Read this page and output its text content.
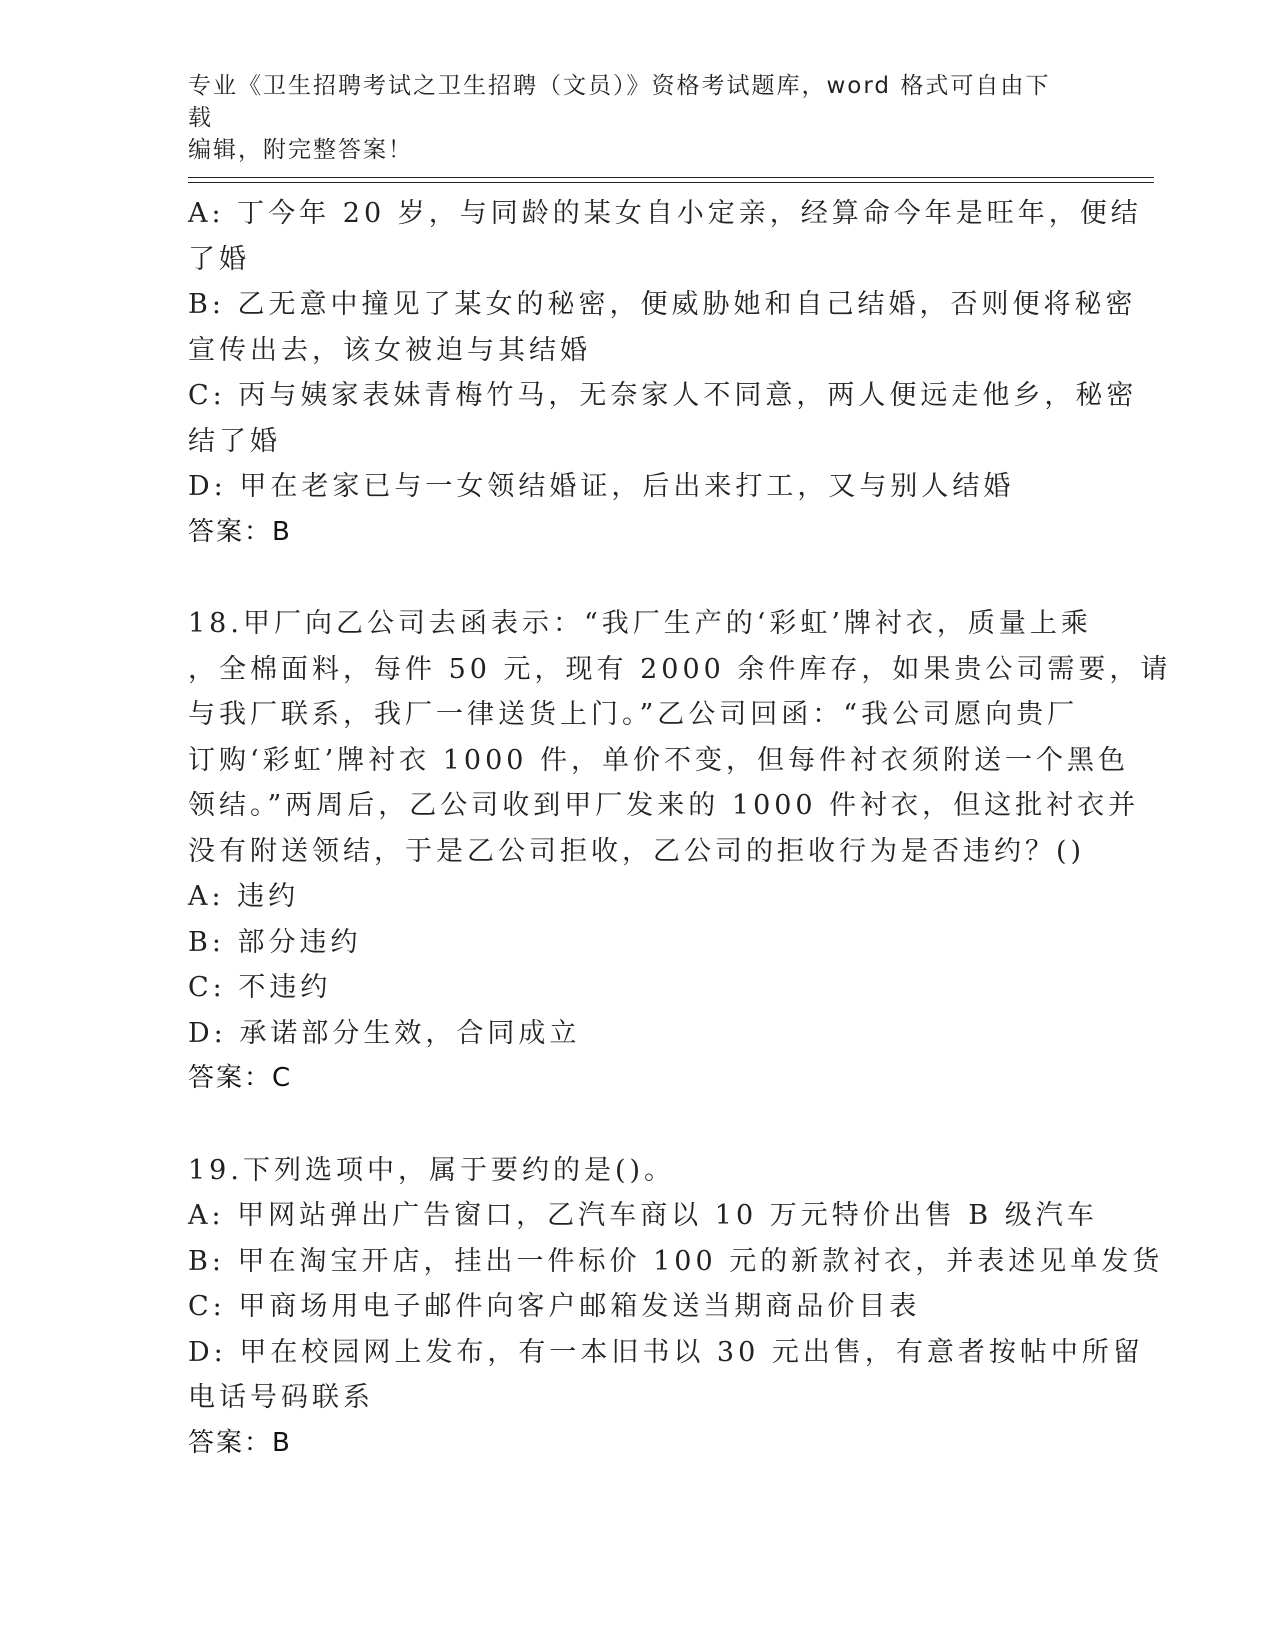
专业《卫生招聘考试之卫生招聘（文员）》资格考试题库，word 格式可自由下载
编辑，附完整答案！
A: 丁今年 20 岁，与同龄的某女自小定亲，经算命今年是旺年，便结
了婚
B: 乙无意中撞见了某女的秘密，便威胁她和自己结婚，否则便将秘密
宣传出去，该女被迫与其结婚
C: 丙与姨家表妹青梅竹马，无奈家人不同意，两人便远走他乡，秘密
结了婚
D: 甲在老家已与一女领结婚证，后出来打工，又与别人结婚
答案：B
18.甲厂向乙公司去函表示：“我厂生产的‘彩虹’牌衬衣，质量上乘
，全棉面料，每件 50 元，现有 2000 余件库存，如果贵公司需要，请
与我厂联系，我厂一律送货上门。”乙公司回函：“我公司愿向贵厂
订购‘彩虹’牌衬衣 1000 件，单价不变，但每件衬衣须附送一个黑色
领结。”两周后，乙公司收到甲厂发来的 1000 件衬衣，但这批衬衣并
没有附送领结，于是乙公司拒收，乙公司的拒收行为是否违约？()
A: 违约
B: 部分违约
C: 不违约
D: 承诺部分生效，合同成立
答案：C
19.下列选项中，属于要约的是()。
A: 甲网站弹出广告窗口，乙汽车商以 10 万元特价出售 B 级汽车
B: 甲在淘宝开店，挂出一件标价 100 元的新款衬衣，并表述见单发货
C: 甲商场用电子邮件向客户邮箱发送当期商品价目表
D: 甲在校园网上发布，有一本旧书以 30 元出售，有意者按帖中所留
电话号码联系
答案：B
